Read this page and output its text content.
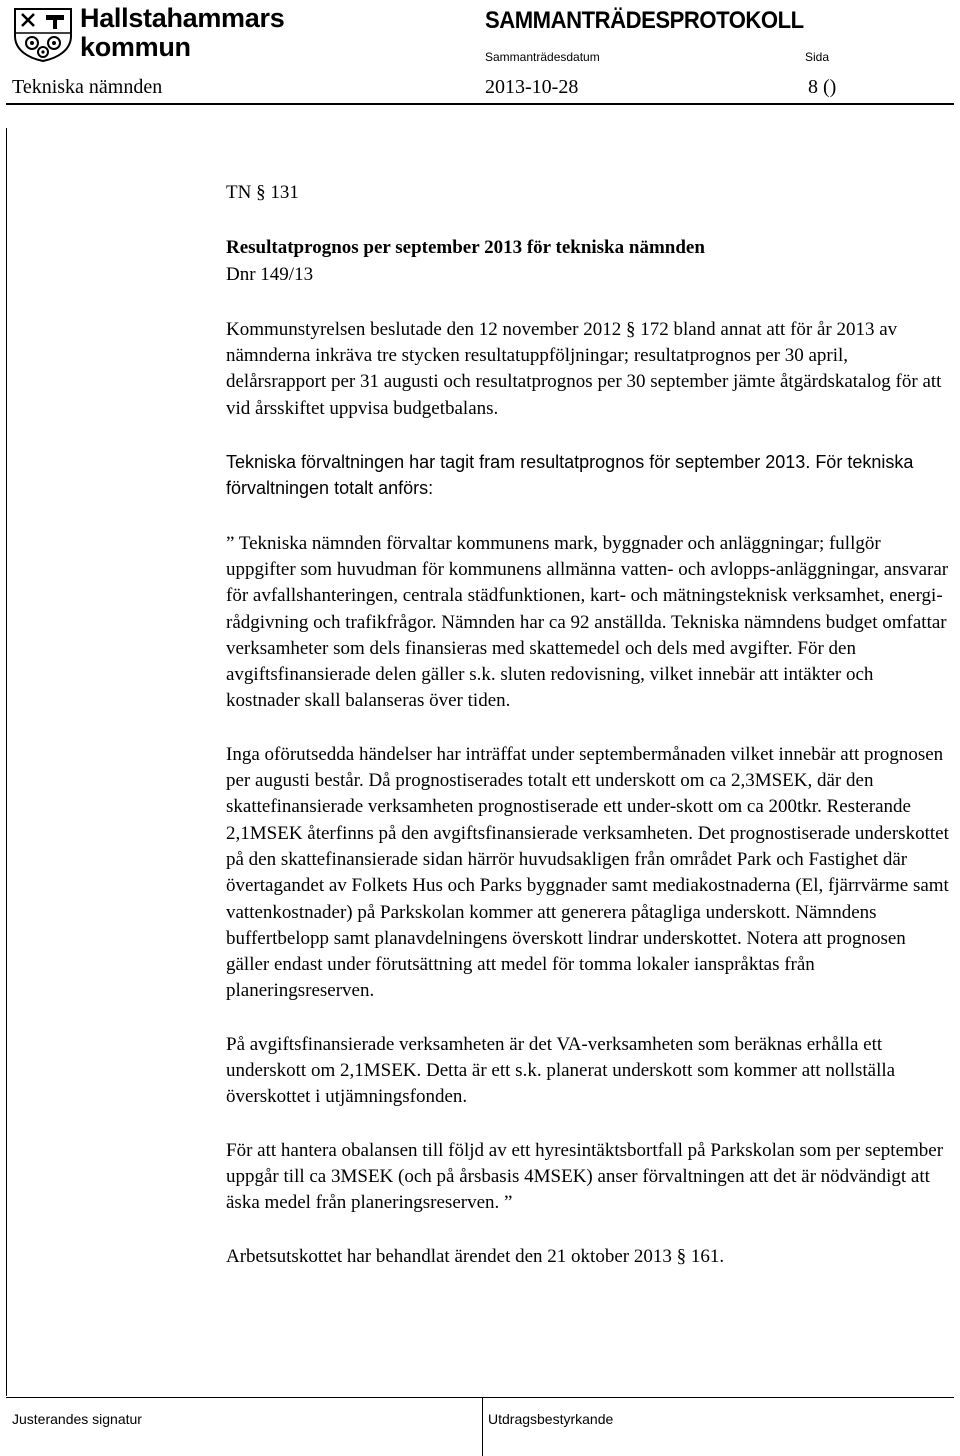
Hallstahammars
kommun
SAMMANTRÄDESPROTOKOLL
Sammanträdesdatum	Sida
Tekniska nämnden	2013-10-28	8 ()

TN § 131

Resultatprognos per september 2013 för tekniska nämnden

Dnr 149/13

Kommunstyrelsen beslutade den 12 november 2012 § 172 bland annat att för år 2013 av nämnderna inkräva tre stycken resultatuppföljningar; resultatprognos per 30 april, delårsrapport per 31 augusti och resultatprognos per 30 september jämte åtgärdskatalog för att vid årsskiftet uppvisa budgetbalans.

Tekniska förvaltningen har tagit fram resultatprognos för september 2013. För tekniska förvaltningen totalt anförs:

” Tekniska nämnden förvaltar kommunens mark, byggnader och anläggningar; fullgör uppgifter som huvudman för kommunens allmänna vatten- och avlopps-anläggningar, ansvarar för avfallshanteringen, centrala städfunktionen, kart- och mätningsteknisk verksamhet, energi- rådgivning och trafikfrågor. Nämnden har ca 92 anställda. Tekniska nämndens budget omfattar verksamheter som dels finansieras med skattemedel och dels med avgifter. För den avgiftsfinansierade delen gäller s.k. sluten redovisning, vilket innebär att intäkter och kostnader skall balanseras över tiden.

Inga oförutsedda händelser har inträffat under septembermånaden vilket innebär att prognosen per augusti består. Då prognostiserades totalt ett underskott om ca 2,3MSEK, där den skattefinansierade verksamheten prognostiserade ett under-skott om ca 200tkr. Resterande 2,1MSEK återfinns på den avgiftsfinansierade verksamheten. Det prognostiserade underskottet på den skattefinansierade sidan härrör huvudsakligen från området Park och Fastighet där övertagandet av Folkets Hus och Parks byggnader samt mediakostnaderna (El, fjärrvärme samt vattenkostnader) på Parkskolan kommer att generera påtagliga underskott. Nämndens buffertbelopp samt planavdelningens överskott lindrar underskottet. Notera att prognosen gäller endast under förutsättning att medel för tomma lokaler ianspråktas från planeringsreserven.

På avgiftsfinansierade verksamheten är det VA-verksamheten som beräknas erhålla ett underskott om 2,1MSEK. Detta är ett s.k. planerat underskott som kommer att nollställa överskottet i utjämningsfonden.

För att hantera obalansen till följd av ett hyresintäktsbortfall på Parkskolan som per september uppgår till ca 3MSEK (och på årsbasis 4MSEK) anser förvaltningen att det är nödvändigt att äska medel från planeringsreserven. ”

Arbetsutskottet har behandlat ärendet den 21 oktober 2013 § 161.

Justerandes signatur	Utdragsbestyrkande
